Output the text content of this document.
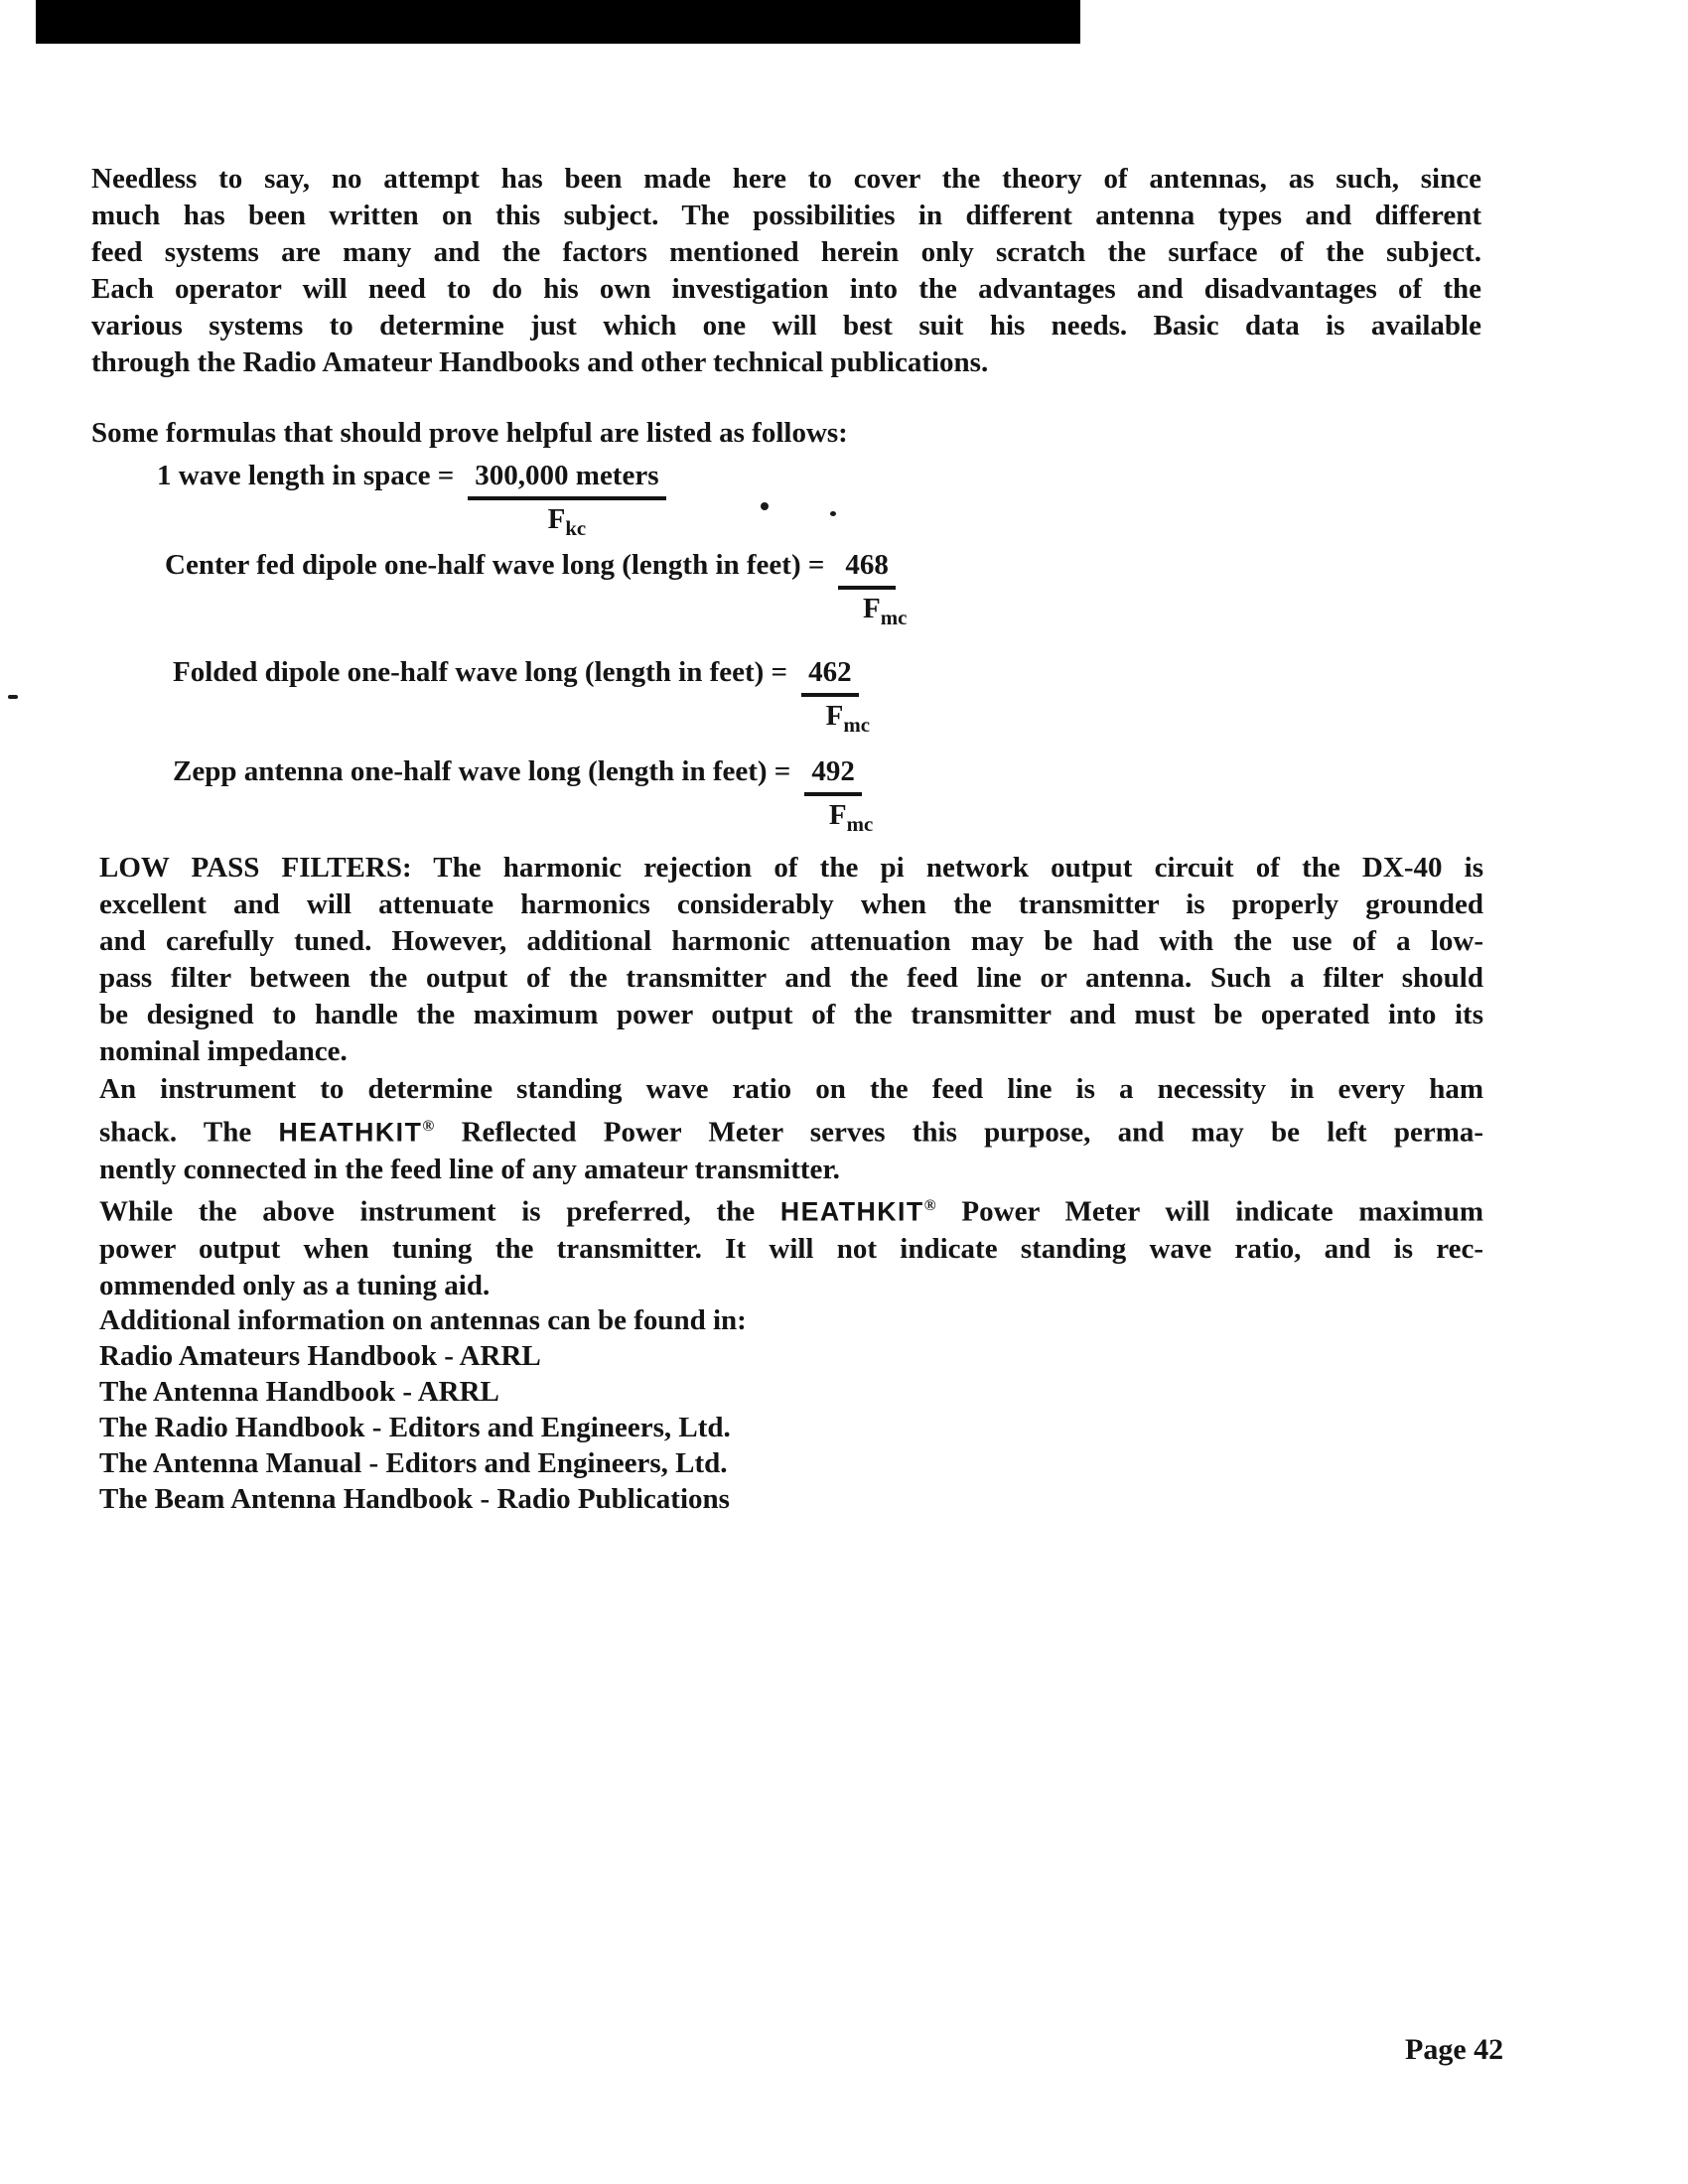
Needless to say, no attempt has been made here to cover the theory of antennas, as such, since
much has been written on this subject. The possibilities in different antenna types and different
feed systems are many and the factors mentioned herein only scratch the surface of the subject.
Each operator will need to do his own investigation into the advantages and disadvantages of the
various systems to determine just which one will best suit his needs. Basic data is available
through the Radio Amateur Handbooks and other technical publications.
Some formulas that should prove helpful are listed as follows:
1 wave length in space = $\frac{\text{300,000 meters}}{F_{kc}}$
Center fed dipole one-half wave long (length in feet) = $\frac{468}{F_{mc}}$
Folded dipole one-half wave long (length in feet) = $\frac{462}{F_{mc}}$
Zepp antenna one-half wave long (length in feet) = $\frac{492}{F_{mc}}$
LOW PASS FILTERS: The harmonic rejection of the pi network output circuit of the DX-40 is
excellent and will attenuate harmonics considerably when the transmitter is properly grounded
and carefully tuned. However, additional harmonic attenuation may be had with the use of a low-
pass filter between the output of the transmitter and the feed line or antenna. Such a filter should
be designed to handle the maximum power output of the transmitter and must be operated into its
nominal impedance.
An instrument to determine standing wave ratio on the feed line is a necessity in every ham
shack. The HEATHKIT® Reflected Power Meter serves this purpose, and may be left perma-
nently connected in the feed line of any amateur transmitter.
While the above instrument is preferred, the HEATHKIT® Power Meter will indicate maximum
power output when tuning the transmitter. It will not indicate standing wave ratio, and is rec-
ommended only as a tuning aid.
Additional information on antennas can be found in:
Radio Amateurs Handbook - ARRL
The Antenna Handbook - ARRL
The Radio Handbook - Editors and Engineers, Ltd.
The Antenna Manual - Editors and Engineers, Ltd.
The Beam Antenna Handbook - Radio Publications
Page 42
